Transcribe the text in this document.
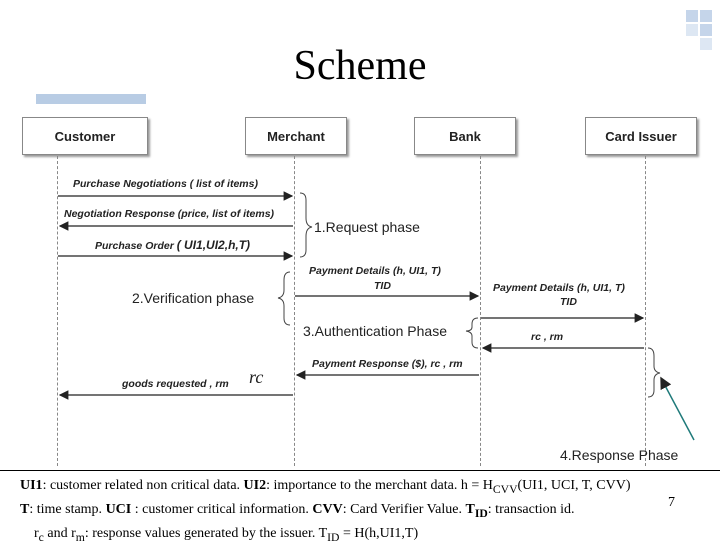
Scheme
Customer	Merchant	Bank	Card Issuer
Purchase Negotiations ( list of items)
Negotiation Response (price, list of items)
Purchase Order ( UI1,UI2,h,T)
Payment Details (h, UI1, T)
TID	Payment Details (h, UI1, T)
TID
rc , rm
Payment Response ($), rc , rm
goods requested , rm rc
1.Request phase
2.Verification phase
3.Authentication Phase
4.Response Phase
UI1: customer related non critical data. UI2: importance to the merchant data. $h = H_{CVV}(UI1$, UCI, T, CVV)
T: time stamp. UCI : customer critical information. CVV: Card Verifier Value. $T_{ID}$: transaction id.
$r_c$ and $r_m$: response values generated by the issuer. $T_{ID} = H(h,UI1,T)$
7
